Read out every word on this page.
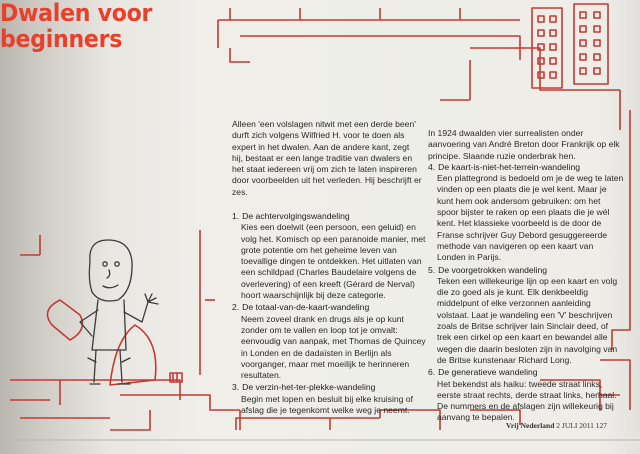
Dwalen voor
beginners
Alleen 'een volslagen nitwit met een derde been' durft zich volgens Wilfried H. voor te doen als expert in het dwalen. Aan de andere kant, zegt hij, bestaat er een lange traditie van dwalers en het staat iedereen vrij om zich te laten inspireren door voorbeelden uit het verleden. Hij beschrijft er zes.
1. De achtervolgingswandeling
Kies een doelwit (een persoon, een geluid) en volg het. Komisch op een paranoide manier, met grote potentie om het geheime leven van toevallige dingen te ontdekken. Het uitlaten van een schildpad (Charles Baudelaire volgens de overlevering) of een kreeft (Gérard de Nerval) hoort waarschijnlijk bij deze categorie.
2. De totaal-van-de-kaart-wandeling
Neem zoveel drank en drugs als je op kunt zonder om te vallen en loop tot je omvalt: eenvoudig van aanpak, met Thomas de Quincey in Londen en de dadaïsten in Berlijn als voorganger, maar met moeilijk te herinneren resultaten.
3. De verzin-het-ter-plekke-wandeling
Begin met lopen en besluit bij elke kruising of afslag die je tegenkomt welke weg je neemt.
In 1924 dwaalden vier surrealisten onder aanvoering van André Breton door Frankrijk op elk principe. Slaande ruzie onderbrak hen.
4. De kaart-is-niet-het-terrein-wandeling
Een plattegrond is bedoeld om je de weg te laten vinden op een plaats die je wel kent. Maar je kunt hem ook andersom gebruiken: om het spoor bijster te raken op een plaats die je wél kent. Het klassieke voorbeeld is de door de Franse schrijver Guy Debord gesuggereerde methode van navigeren op een kaart van Londen in Parijs.
5. De voorgetrokken wandeling
Teken een willekeurige lijn op een kaart en volg die zo goed als je kunt. Elk denkbeeldig middelpunt of elke verzonnen aanleiding volstaat. Laat je wandeling een 'V' beschrijven zoals de Britse schrijver Iain Sinclair deed, of trek een cirkel op een kaart en bewandel alle wegen die daarin besloten zijn in navolging van de Britse kunstenaar Richard Long.
6. De generatieve wandeling
Het bekendst als haiku: tweede straat links, eerste straat rechts, derde straat links, herhaal. De nummers en de afslagen zijn willekeurig bij aanvang te bepalen.
Vrij Nederland 2 JULI 2011 127
